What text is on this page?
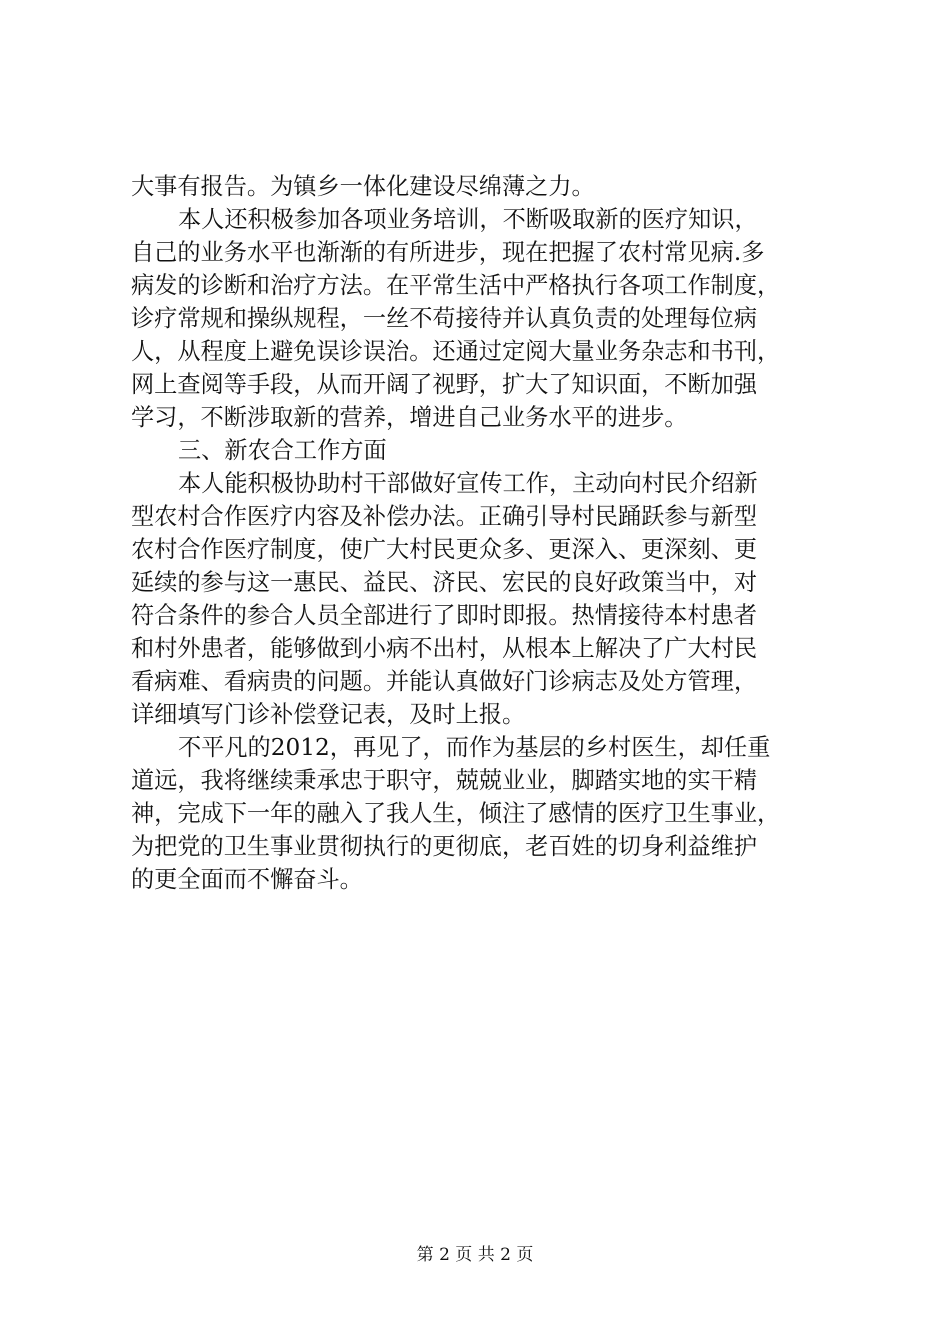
大事有报告。为镇乡一体化建设尽绵薄之力。
本人还积极参加各项业务培训，不断吸取新的医疗知识，
自己的业务水平也渐渐的有所进步，现在把握了农村常见病.多
病发的诊断和治疗方法。在平常生活中严格执行各项工作制度，
诊疗常规和操纵规程，一丝不苟接待并认真负责的处理每位病
人，从程度上避免误诊误治。还通过定阅大量业务杂志和书刊，
网上查阅等手段，从而开阔了视野，扩大了知识面，不断加强
学习，不断涉取新的营养，增进自己业务水平的进步。
三、新农合工作方面
本人能积极协助村干部做好宣传工作，主动向村民介绍新
型农村合作医疗内容及补偿办法。正确引导村民踊跃参与新型
农村合作医疗制度，使广大村民更众多、更深入、更深刻、更
延续的参与这一惠民、益民、济民、宏民的良好政策当中，对
符合条件的参合人员全部进行了即时即报。热情接待本村患者
和村外患者，能够做到小病不出村，从根本上解决了广大村民
看病难、看病贵的问题。并能认真做好门诊病志及处方管理，
详细填写门诊补偿登记表，及时上报。
不平凡的2012，再见了，而作为基层的乡村医生，却任重
道远，我将继续秉承忠于职守，兢兢业业，脚踏实地的实干精
神，完成下一年的融入了我人生，倾注了感情的医疗卫生事业，
为把党的卫生事业贯彻执行的更彻底，老百姓的切身利益维护
的更全面而不懈奋斗。
第 2 页 共 2 页
